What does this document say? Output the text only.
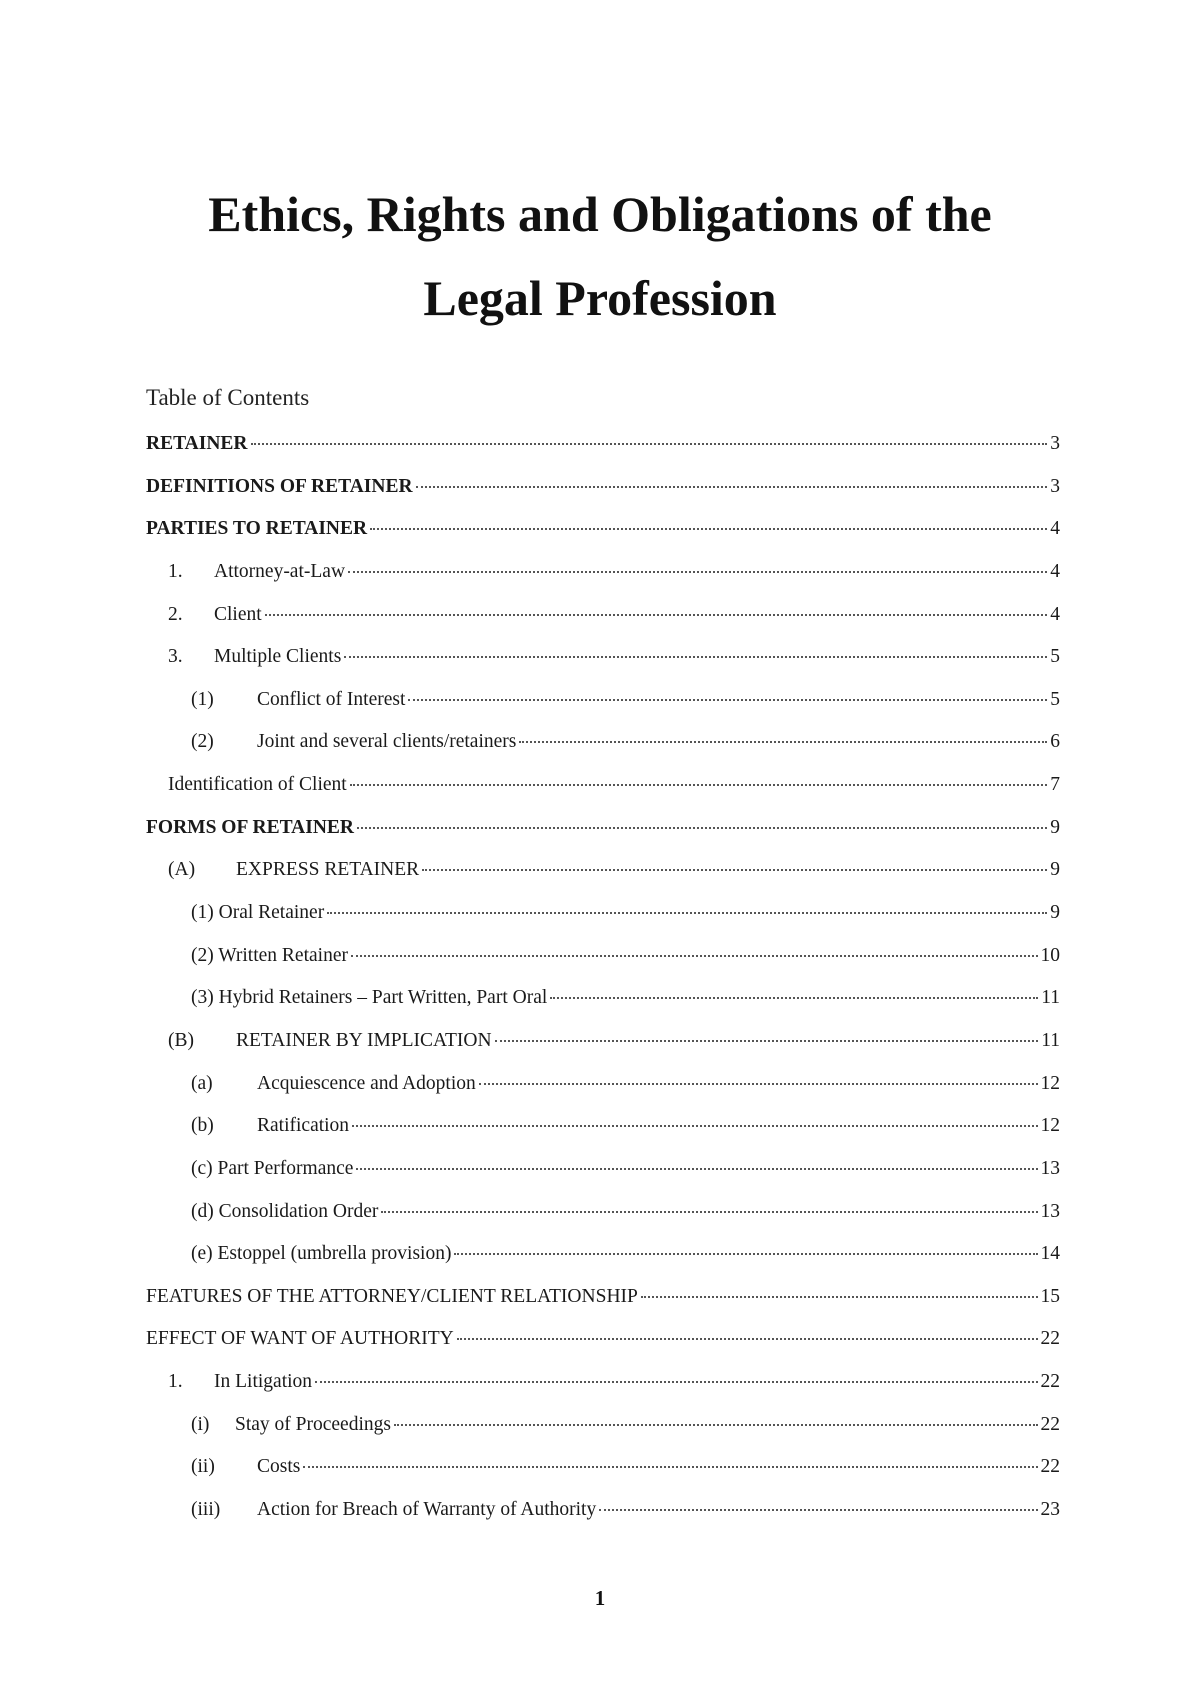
Ethics, Rights and Obligations of the
Legal Profession
Table of Contents
RETAINER	3
DEFINITIONS OF RETAINER	3
PARTIES TO RETAINER	4
1.	Attorney-at-Law	4
2.	Client	4
3.	Multiple Clients	5
(1)	Conflict of Interest	5
(2)	Joint and several clients/retainers	6
Identification of Client	7
FORMS OF RETAINER	9
(A)	EXPRESS RETAINER	9
(1) Oral Retainer	9
(2) Written Retainer	10
(3) Hybrid Retainers – Part Written, Part Oral	11
(B)	RETAINER BY IMPLICATION	11
(a)	Acquiescence and Adoption	12
(b)	Ratification	12
(c) Part Performance	13
(d) Consolidation Order	13
(e) Estoppel (umbrella provision)	14
FEATURES OF THE ATTORNEY/CLIENT RELATIONSHIP	15
EFFECT OF WANT OF AUTHORITY	22
1.	In Litigation	22
(i)	Stay of Proceedings	22
(ii)	Costs	22
(iii)	Action for Breach of Warranty of Authority	23
1
